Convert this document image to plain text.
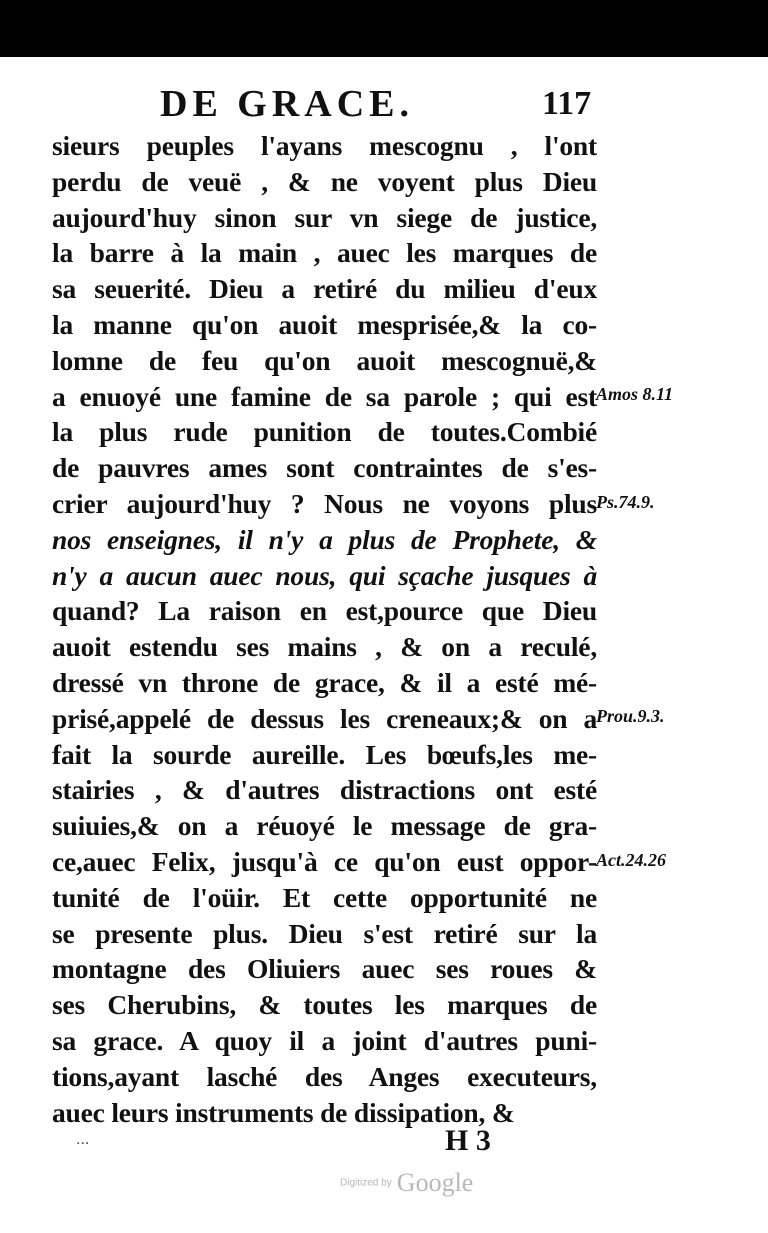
DE GRACE.	117
sieurs peuples l'ayans mescognu , l'ont
perdu de veuë , & ne voyent plus Dieu
aujourd'huy sinon sur vn siege de justice,
la barre à la main , auec les marques de
sa seuerité. Dieu a retiré du milieu d'eux
la manne qu'on auoit mesprisée,& la co-
lomne de feu qu'on auoit mescognuë,&
a enuoyé une famine de sa parole ; qui est
la plus rude punition de toutes.Combié
de pauvres ames sont contraintes de s'es-
crier aujourd'huy ? Nous ne voyons plus
nos enseignes, il n'y a plus de Prophete, &
n'y a aucun auec nous, qui sçache jusques à
quand? La raison en est,pource que Dieu
auoit estendu ses mains , & on a reculé,
dressé vn throne de grace, & il a esté mé-
prisé,appelé de dessus les creneaux;& on a
fait la sourde aureille. Les bœufs,les me-
stairies , & d'autres distractions ont esté
suiuies,& on a réuoyé le message de gra-
ce,auec Felix, jusqu'à ce qu'on eust oppor-
tunité de l'oüir. Et cette opportunité ne
se presente plus. Dieu s'est retiré sur la
montagne des Oliuiers auec ses roues &
ses Cherubins, & toutes les marques de
sa grace. A quoy il a joint d'autres puni-
tions,ayant lasché des Anges executeurs,
auec leurs instruments de dissipation, &
Amos 8.11
Ps.74.9.
Prou.9.3.
Act.24.26
...	H 3
Digitized by Google
